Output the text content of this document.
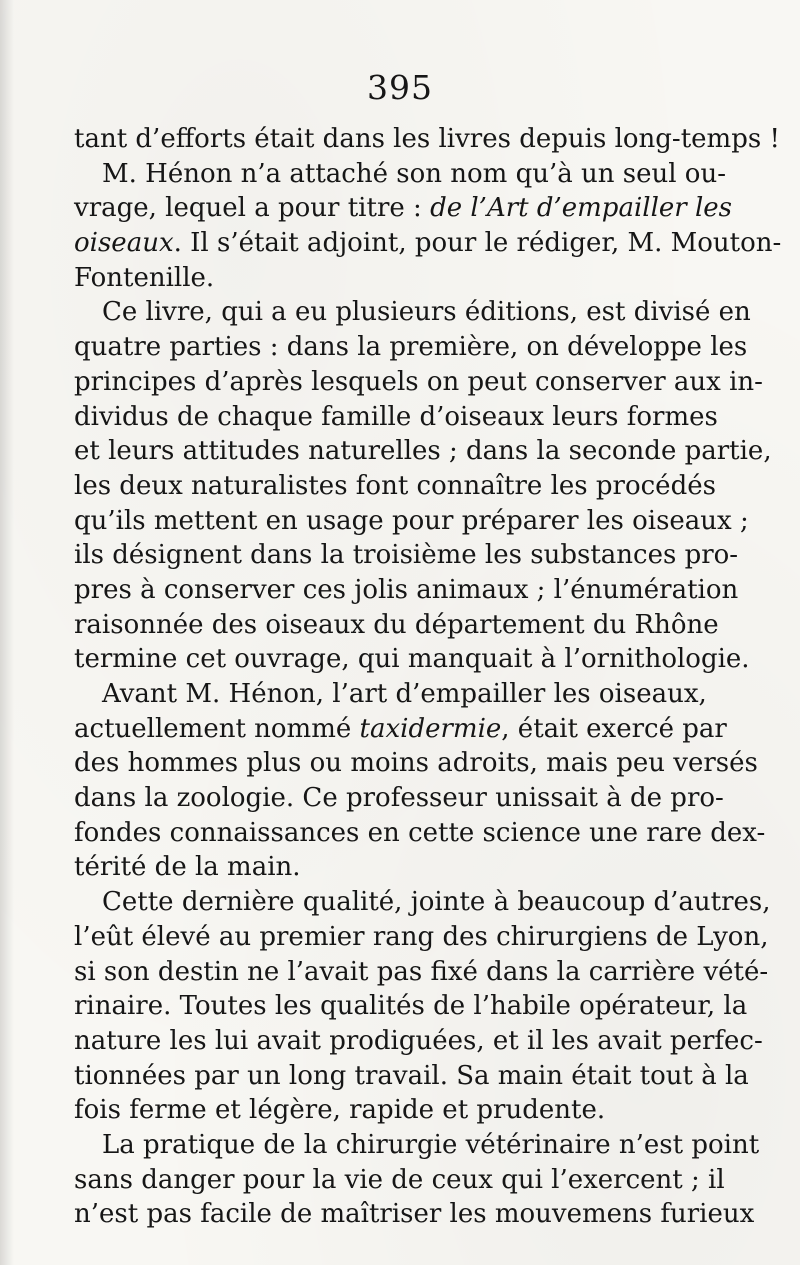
395
tant d’efforts était dans les livres depuis long-temps !
M. Hénon n’a attaché son nom qu’à un seul ou-
vrage, lequel a pour titre : de l’Art d’empailler les
oiseaux. Il s’était adjoint, pour le rédiger, M. Mouton-
Fontenille.
Ce livre, qui a eu plusieurs éditions, est divisé en
quatre parties : dans la première, on développe les
principes d’après lesquels on peut conserver aux in-
dividus de chaque famille d’oiseaux leurs formes
et leurs attitudes naturelles ; dans la seconde partie,
les deux naturalistes font connaître les procédés
qu’ils mettent en usage pour préparer les oiseaux ;
ils désignent dans la troisième les substances pro-
pres à conserver ces jolis animaux ; l’énumération
raisonnée des oiseaux du département du Rhône
termine cet ouvrage, qui manquait à l’ornithologie.
Avant M. Hénon, l’art d’empailler les oiseaux,
actuellement nommé taxidermie, était exercé par
des hommes plus ou moins adroits, mais peu versés
dans la zoologie. Ce professeur unissait à de pro-
fondes connaissances en cette science une rare dex-
térité de la main.
Cette dernière qualité, jointe à beaucoup d’autres,
l’eût élevé au premier rang des chirurgiens de Lyon,
si son destin ne l’avait pas fixé dans la carrière vété-
rinaire. Toutes les qualités de l’habile opérateur, la
nature les lui avait prodiguées, et il les avait perfec-
tionnées par un long travail. Sa main était tout à la
fois ferme et légère, rapide et prudente.
La pratique de la chirurgie vétérinaire n’est point
sans danger pour la vie de ceux qui l’exercent ; il
n’est pas facile de maîtriser les mouvemens furieux
